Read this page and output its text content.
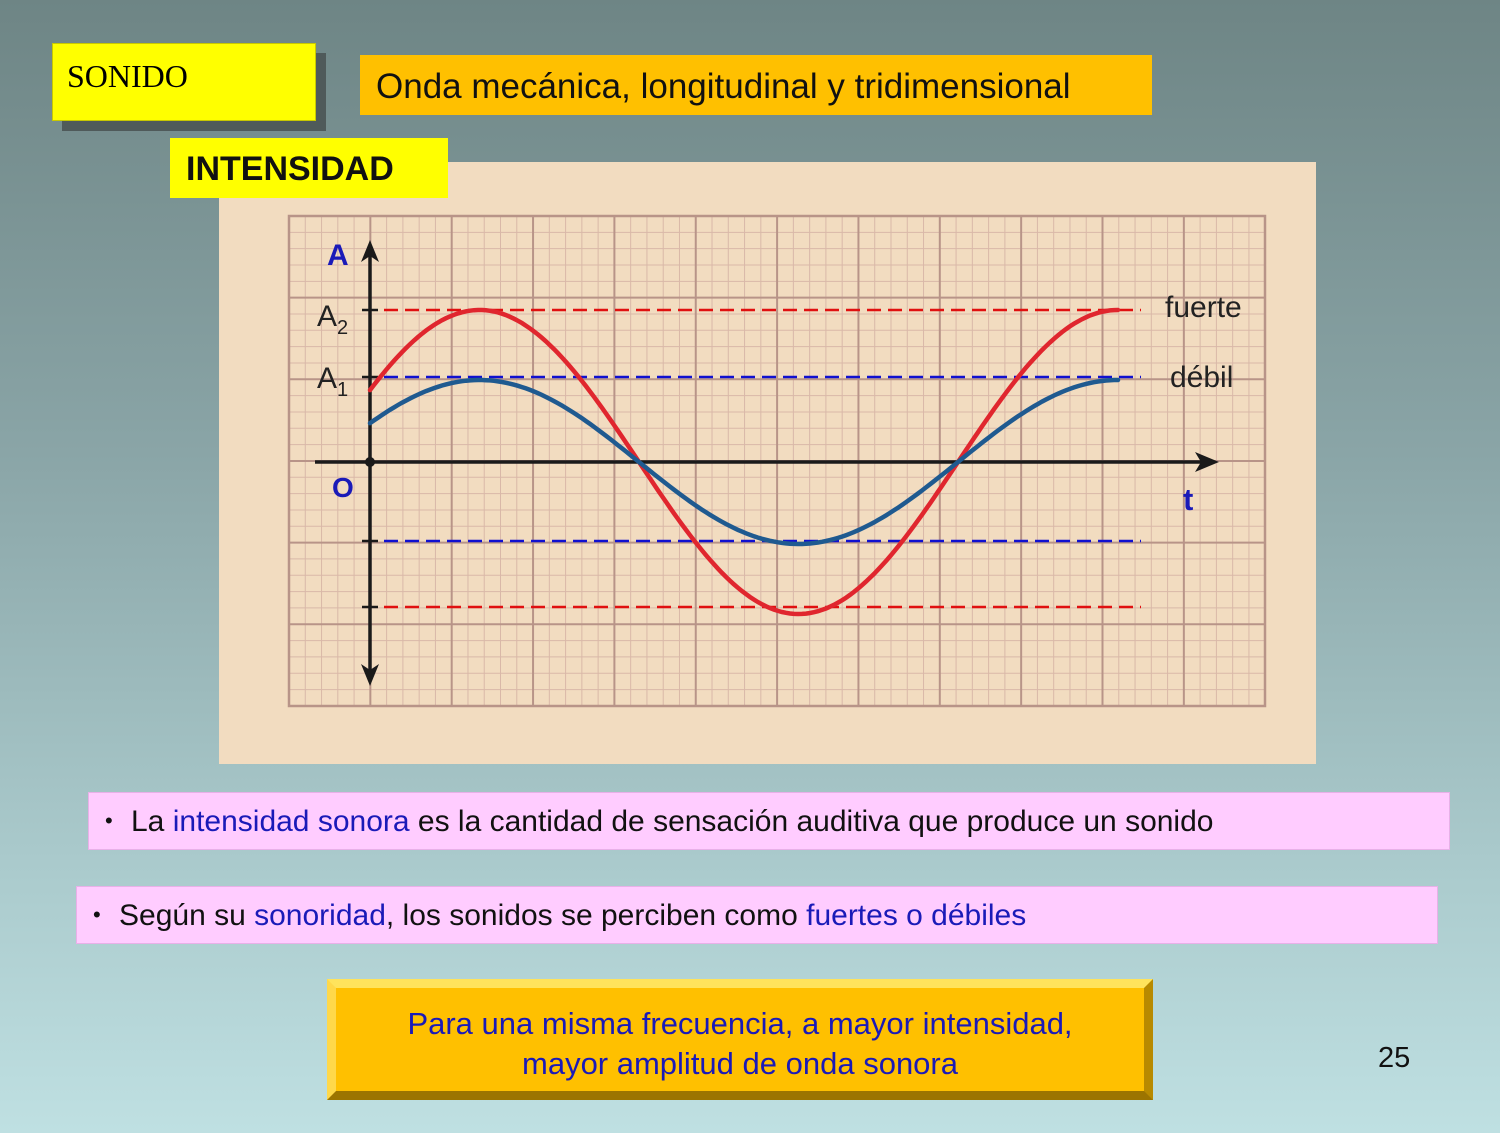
SONIDO	Onda mecánica, longitudinal y tridimensional
INTENSIDAD
A
t
O
$A_2$
$A_1$
fuerte
débil
• La intensidad sonora es la cantidad de sensación auditiva que produce un sonido
• Según su sonoridad, los sonidos se perciben como fuertes o débiles
Para una misma frecuencia, a mayor intensidad,
mayor amplitud de onda sonora	25
